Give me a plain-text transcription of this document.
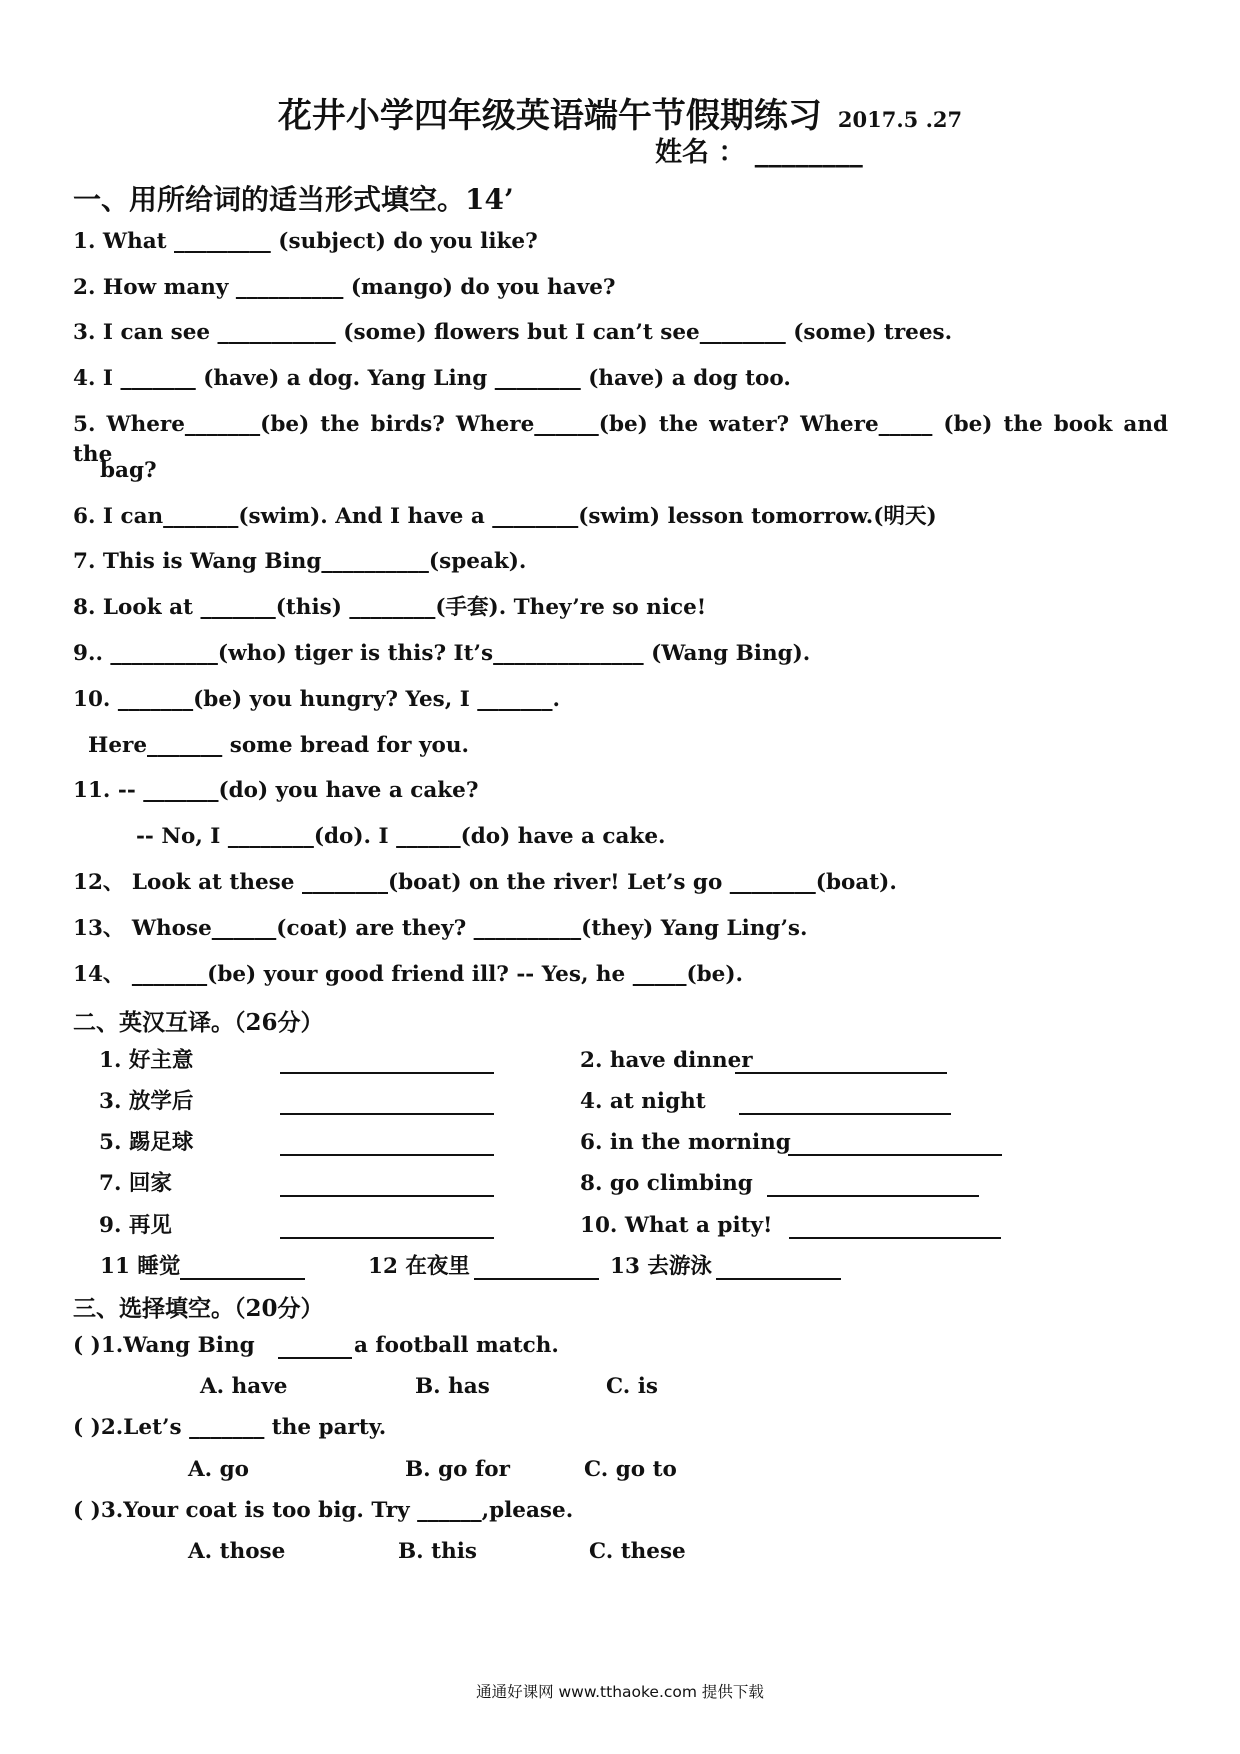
花井小学四年级英语端午节假期练习 2017.5 .27
姓名 ： ________
一、用所给词的适当形式填空。14’
1. What _________ (subject) do you like?
2. How many __________ (mango) do you have?
3. I can see ___________ (some) flowers but I can’t see________ (some) trees.
4. I _______ (have) a dog. Yang Ling ________ (have) a dog too.
5. Where_______(be) the birds? Where______(be) the water? Where_____ (be) the book and the
bag?
6. I can_______(swim). And I have a ________(swim) lesson tomorrow.(明天)
7. This is Wang Bing__________(speak).
8. Look at _______(this) ________(手套). They’re so nice!
9.. __________(who) tiger is this? It’s______________ (Wang Bing).
10. _______(be) you hungry? Yes, I _______.
Here_______ some bread for you.
11. -- _______(do) you have a cake?
-- No, I ________(do). I ______(do) have a cake.
12、 Look at these ________(boat) on the river! Let’s go ________(boat).
13、 Whose______(coat) are they? __________(they) Yang Ling’s.
14、 _______(be) your good friend ill? -- Yes, he _____(be).
二、英汉互译。（26分）
1. 好主意	2. have dinner
3. 放学后	4. at night
5. 踢足球	6. in the morning
7. 回家	8. go climbing
9. 再见	10. What a pity!
11 睡觉	12 在夜里	13 去游泳
三、选择填空。（20分）
( )1.Wang Bing	a football match.
A. have	B. has	C. is
( )2.Let’s _______ the party.
A. go	B. go for	C. go to
( )3.Your coat is too big. Try ______,please.
A. those	B. this	C. these
通通好课网 www.tthaoke.com 提供下载
